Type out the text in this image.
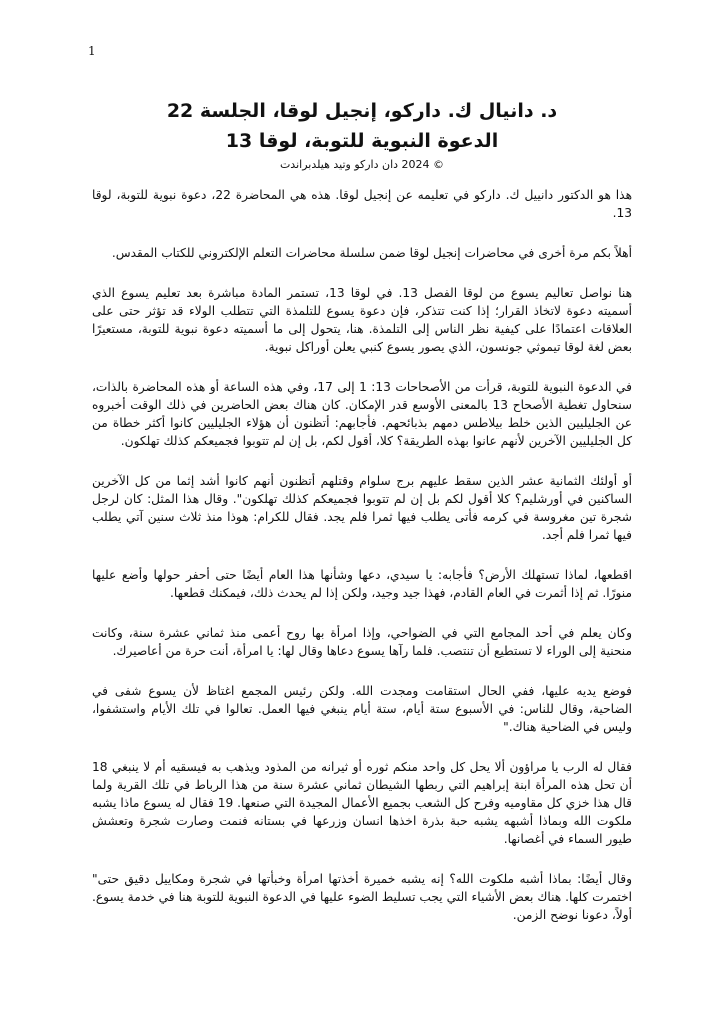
1
د. دانيال ك. داركو، إنجيل لوقا، الجلسة 22
الدعوة النبوية للتوبة، لوقا 13
© 2024 دان داركو وتيد هيلدبراندت

هذا هو الدكتور دانييل ك. داركو في تعليمه عن إنجيل لوقا. هذه هي المحاضرة 22، دعوة نبوية للتوبة، لوقا 13.

أهلاً بكم مرة أخرى في محاضرات إنجيل لوقا ضمن سلسلة محاضرات التعلم الإلكتروني للكتاب المقدس.

هنا نواصل تعاليم يسوع من لوقا الفصل 13. في لوقا 13، تستمر المادة مباشرة بعد تعليم يسوع الذي أسميته دعوة لاتخاذ القرار؛ إذا كنت تتذكر، فإن دعوة يسوع للتلمذة التي تتطلب الولاء قد تؤثر حتى على العلاقات اعتمادًا على كيفية نظر الناس إلى التلمذة. هنا، يتحول إلى ما أسميته دعوة نبوية للتوبة، مستعيرًا بعض لغة لوقا تيموثي جونسون، الذي يصور يسوع كنبي يعلن أوراكل نبوية.

في الدعوة النبوية للتوبة، قرأت من الأصحاحات 13: 1 إلى 17، وفي هذه الساعة أو هذه المحاضرة بالذات، سنحاول تغطية الأصحاح 13 بالمعنى الأوسع قدر الإمكان. كان هناك بعض الحاضرين في ذلك الوقت أخبروه عن الجليليين الذين خلط بيلاطس دمهم بذبائحهم. فأجابهم: أتظنون أن هؤلاء الجليليين كانوا أكثر خطاة من كل الجليليين الآخرين لأنهم عانوا بهذه الطريقة؟ كلا، أقول لكم، بل إن لم تتوبوا فجميعكم كذلك تهلكون.

أو أولئك الثمانية عشر الذين سقط عليهم برج سلوام وقتلهم أتظنون أنهم كانوا أشد إثما من كل الآخرين الساكنين في أورشليم؟ كلا أقول لكم بل إن لم تتوبوا فجميعكم كذلك تهلكون". وقال هذا المثل: كان لرجل شجرة تين مغروسة في كرمه فأتى يطلب فيها ثمرا فلم يجد. فقال للكرام: هوذا منذ ثلاث سنين آتي يطلب فيها ثمرا فلم أجد.

اقطعها، لماذا تستهلك الأرض؟ فأجابه: يا سيدي، دعها وشأنها هذا العام أيضًا حتى أحفر حولها وأضع عليها منورًا. ثم إذا أثمرت في العام القادم، فهذا جيد وجيد، ولكن إذا لم يحدث ذلك، فيمكنك قطعها.

وكان يعلم في أحد المجامع التي في الضواحي، وإذا امرأة بها روح أعمى منذ ثماني عشرة سنة، وكانت منحنية إلى الوراء لا تستطيع أن تنتصب. فلما رآها يسوع دعاها وقال لها: يا امرأة، أنت حرة من أعاصيرك.

فوضع يديه عليها، ففي الحال استقامت ومجدت الله. ولكن رئيس المجمع اغتاظ لأن يسوع شفى في الضاحية، وقال للناس: في الأسبوع ستة أيام، ستة أيام ينبغي فيها العمل. تعالوا في تلك الأيام واستشفوا، وليس في الضاحية هناك."

فقال له الرب يا مراؤون ألا يحل كل واحد منكم ثوره أو ثيرانه من المذود ويذهب به فيسقيه أم لا ينبغي 18 أن تحل هذه المرأة ابنة إبراهيم التي ربطها الشيطان ثماني عشرة سنة من هذا الرباط في تلك القرية ولما قال هذا خزي كل مقاوميه وفرح كل الشعب بجميع الأعمال المجيدة التي صنعها. 19 فقال له يسوع ماذا يشبه ملكوت الله وبماذا أشبهه يشبه حبة بذرة اخذها انسان وزرعها في بستانه فنمت وصارت شجرة وتعشش طيور السماء في أغصانها.

وقال أيضًا: بماذا أشبه ملكوت الله؟ إنه يشبه خميرة أخذتها امرأة وخبأتها في شجرة ومكاييل دقيق حتى" اختمرت كلها. هناك بعض الأشياء التي يجب تسليط الضوء عليها في الدعوة النبوية للتوبة هنا في خدمة يسوع. أولاً، دعونا نوضح الزمن.
